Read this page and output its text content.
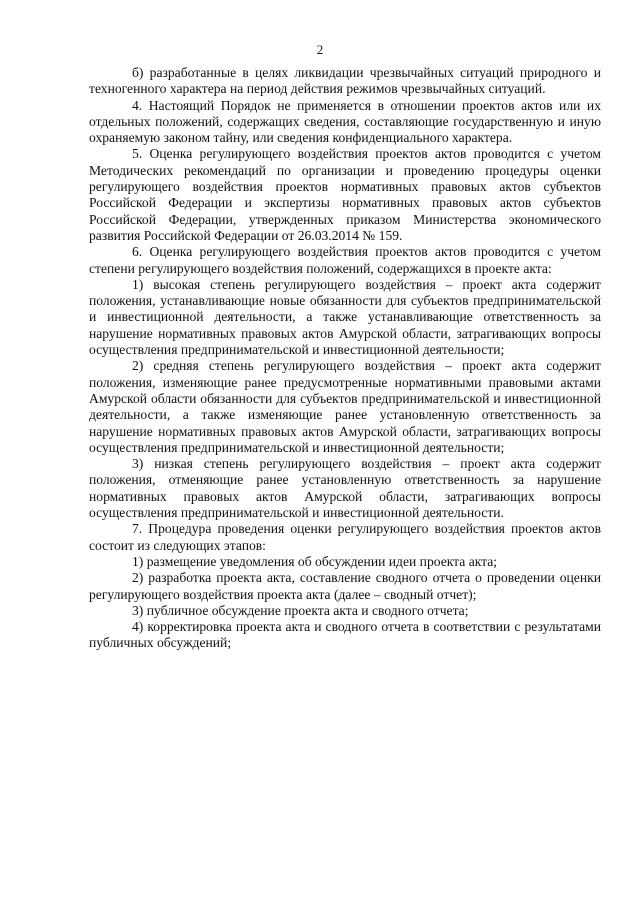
2

б) разработанные в целях ликвидации чрезвычайных ситуаций природного и техногенного характера на период действия режимов чрезвычайных ситуаций.

4. Настоящий Порядок не применяется в отношении проектов актов или их отдельных положений, содержащих сведения, составляющие государственную и иную охраняемую законом тайну, или сведения конфиденциального характера.

5. Оценка регулирующего воздействия проектов актов проводится с учетом Методических рекомендаций по организации и проведению процедуры оценки регулирующего воздействия проектов нормативных правовых актов субъектов Российской Федерации и экспертизы нормативных правовых актов субъектов Российской Федерации, утвержденных приказом Министерства экономического развития Российской Федерации от 26.03.2014 № 159.

6. Оценка регулирующего воздействия проектов актов проводится с учетом степени регулирующего воздействия положений, содержащихся в проекте акта:

1) высокая степень регулирующего воздействия – проект акта содержит положения, устанавливающие новые обязанности для субъектов предпринимательской и инвестиционной деятельности, а также устанавливающие ответственность за нарушение нормативных правовых актов Амурской области, затрагивающих вопросы осуществления предпринимательской и инвестиционной деятельности;

2) средняя степень регулирующего воздействия – проект акта содержит положения, изменяющие ранее предусмотренные нормативными правовыми актами Амурской области обязанности для субъектов предпринимательской и инвестиционной деятельности, а также изменяющие ранее установленную ответственность за нарушение нормативных правовых актов Амурской области, затрагивающих вопросы осуществления предпринимательской и инвестиционной деятельности;

3) низкая степень регулирующего воздействия – проект акта содержит положения, отменяющие ранее установленную ответственность за нарушение нормативных правовых актов Амурской области, затрагивающих вопросы осуществления предпринимательской и инвестиционной деятельности.

7. Процедура проведения оценки регулирующего воздействия проектов актов состоит из следующих этапов:

1) размещение уведомления об обсуждении идеи проекта акта;

2) разработка проекта акта, составление сводного отчета о проведении оценки регулирующего воздействия проекта акта (далее – сводный отчет);

3) публичное обсуждение проекта акта и сводного отчета;

4) корректировка проекта акта и сводного отчета в соответствии с результатами публичных обсуждений;
